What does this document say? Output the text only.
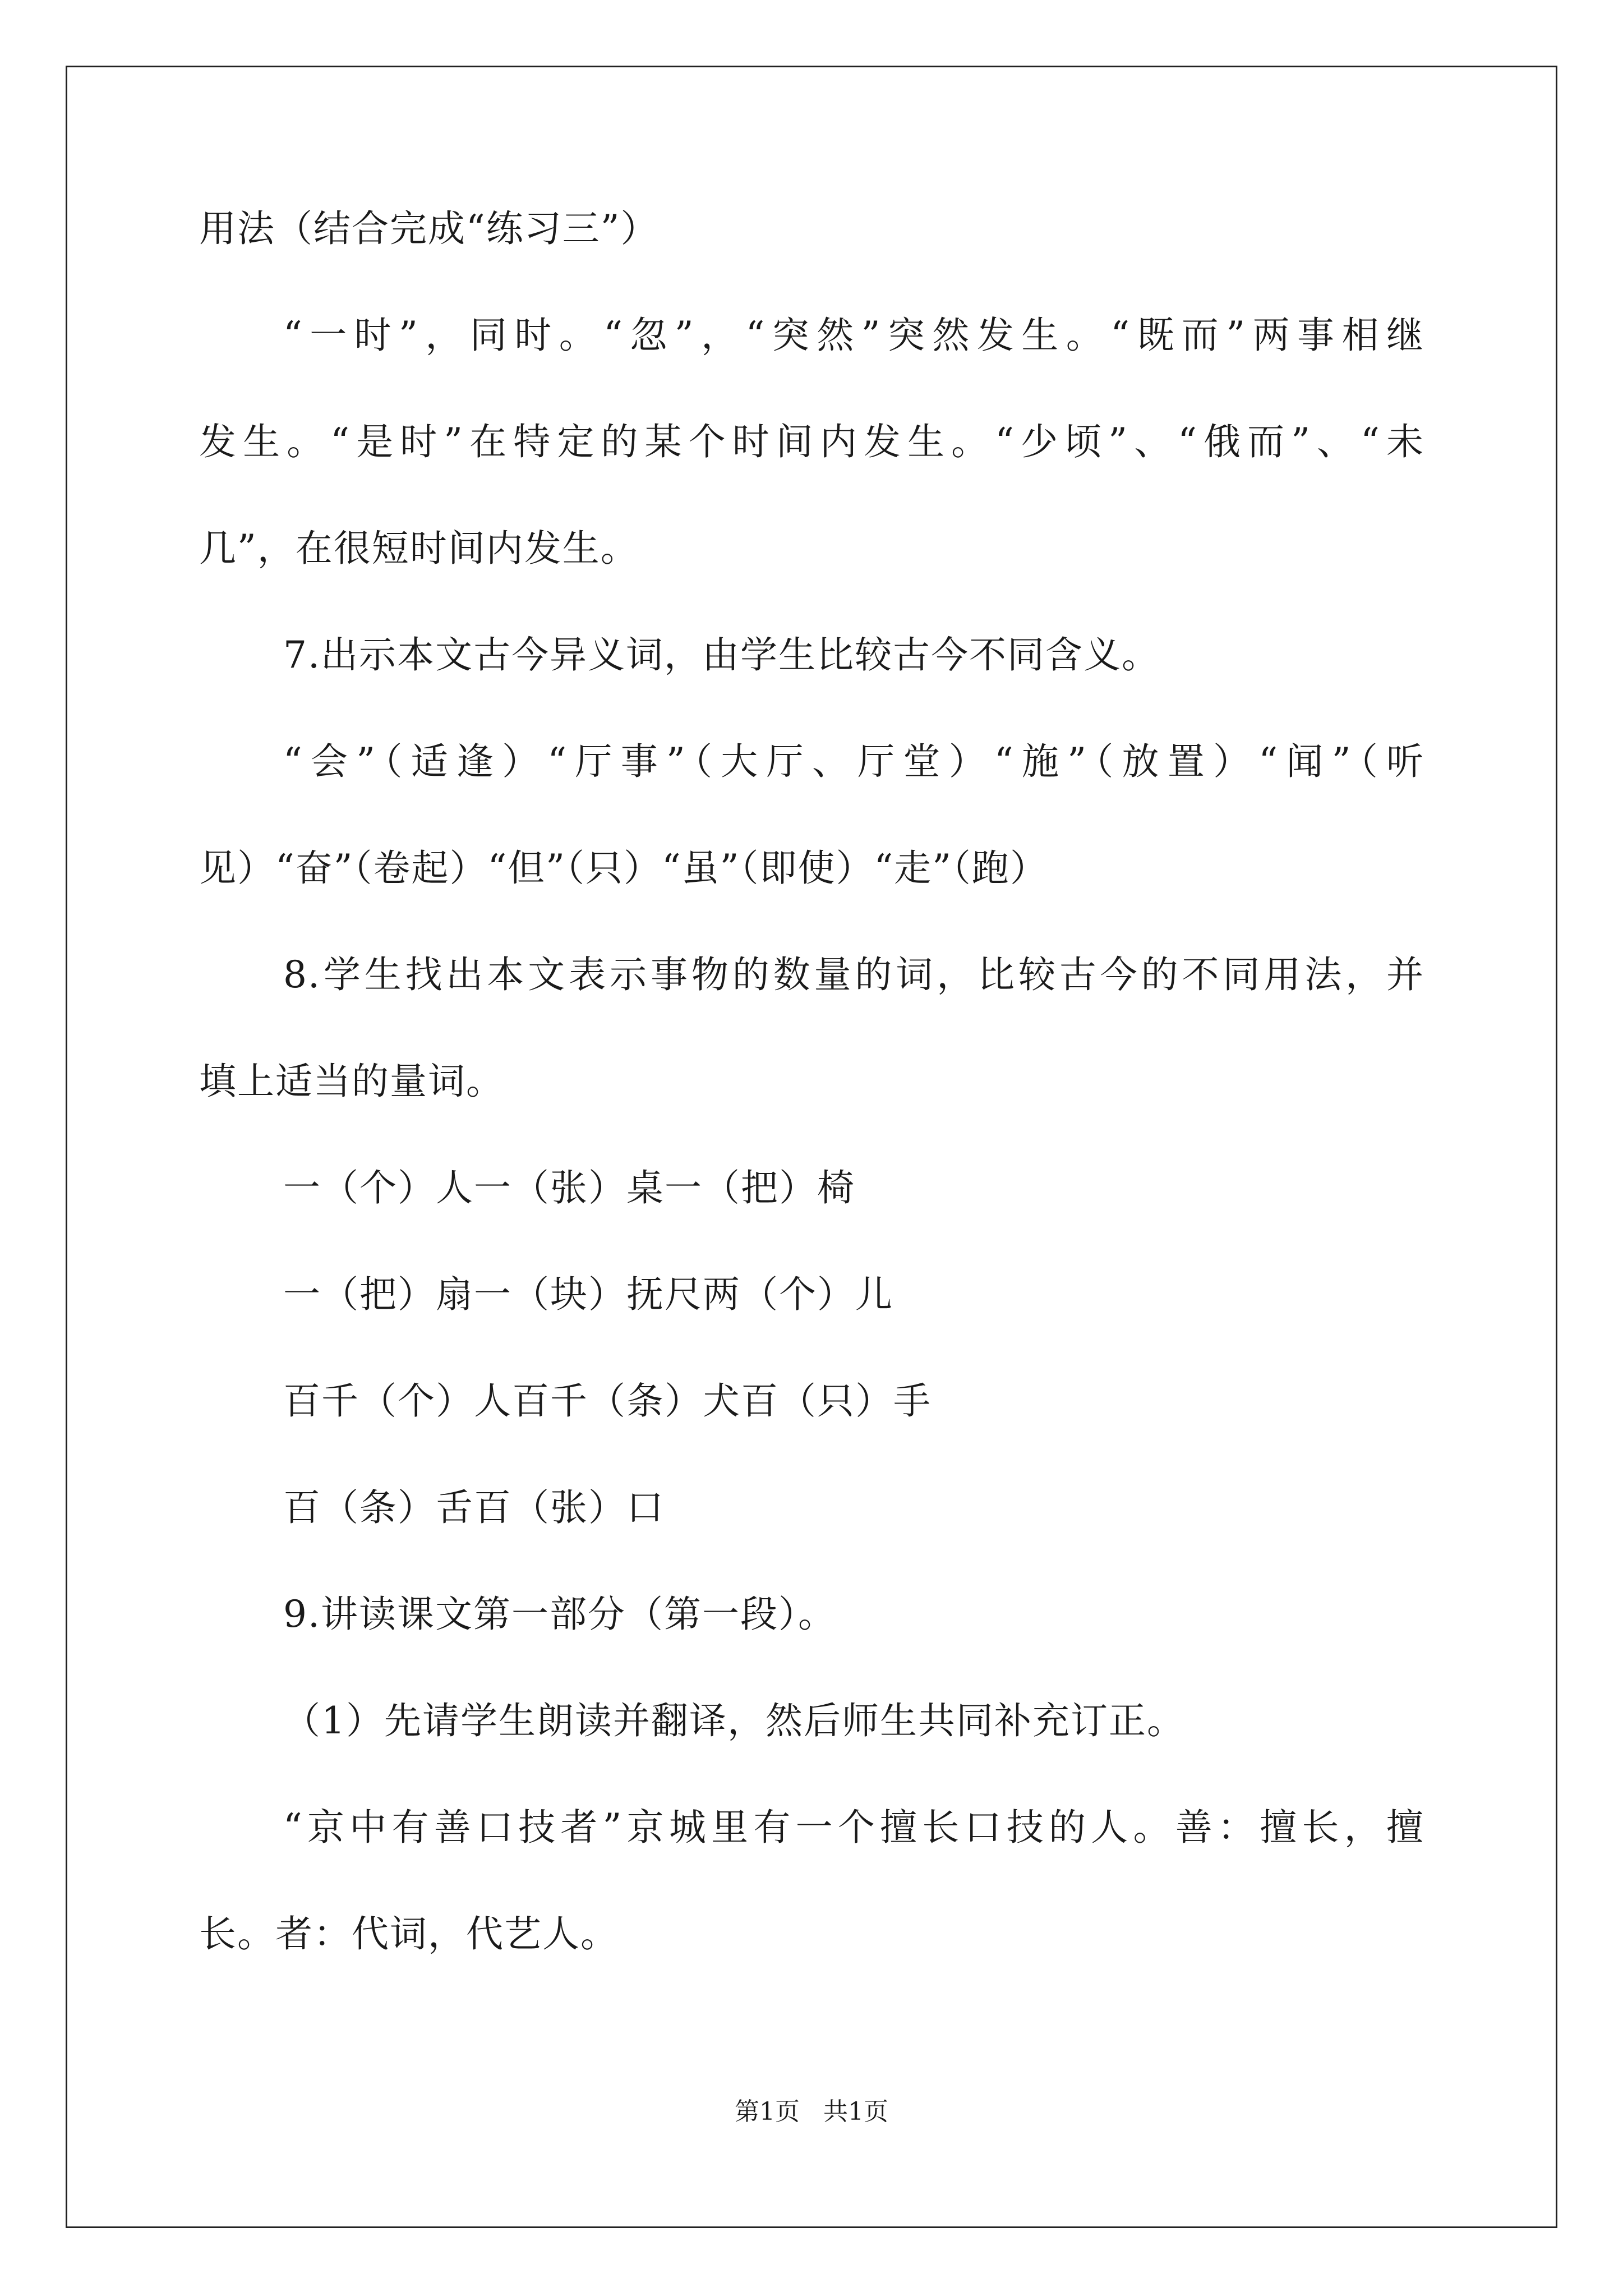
用法（结合完成“练习三”）
“一时”，同时。“忽”，“突然”突然发生。“既而”两事相继
发生。“是时”在特定的某个时间内发生。“少顷”、“俄而”、“未
几”，在很短时间内发生。
7.出示本文古今异义词，由学生比较古今不同含义。
“会”（适逢）“厅事”（大厅、厅堂）“施”（放置）“闻”（听
见）“奋”（卷起）“但”（只）“虽”（即使）“走”（跑）
8.学生找出本文表示事物的数量的词，比较古今的不同用法，并
填上适当的量词。
一（个）人一（张）桌一（把）椅
一（把）扇一（块）抚尺两（个）儿
百千（个）人百千（条）犬百（只）手
百（条）舌百（张）口
9.讲读课文第一部分（第一段）。
（1）先请学生朗读并翻译，然后师生共同补充订正。
“京中有善口技者”京城里有一个擅长口技的人。善：擅长，擅
长。者：代词，代艺人。
第1页 共1页
